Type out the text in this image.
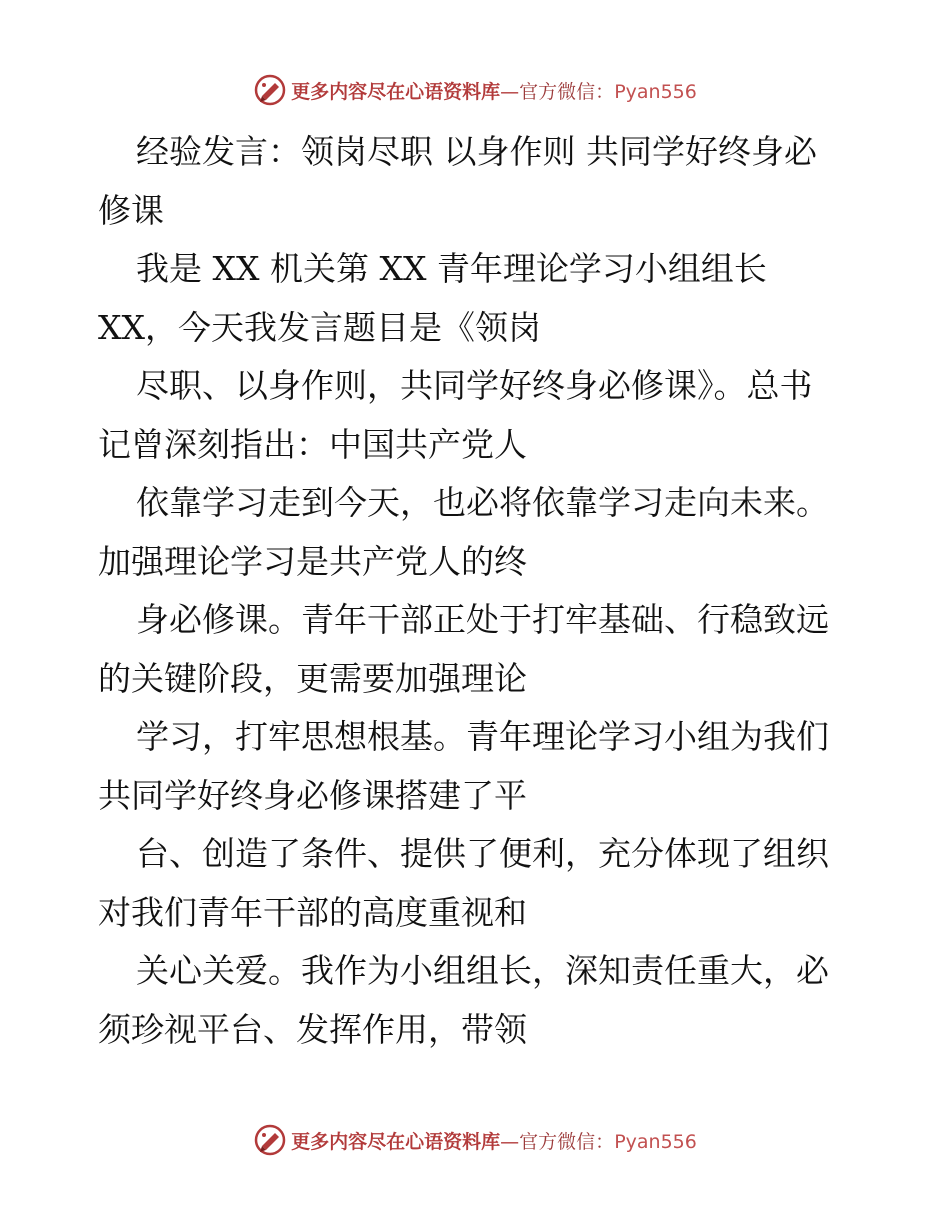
更多内容尽在心语资料库—官方微信：Pyan556
经验发言：领岗尽职 以身作则 共同学好终身必
修课
我是 XX 机关第 XX 青年理论学习小组组长
XX，今天我发言题目是《领岗
尽职、以身作则，共同学好终身必修课》。总书
记曾深刻指出：中国共产党人
依靠学习走到今天，也必将依靠学习走向未来。
加强理论学习是共产党人的终
身必修课。青年干部正处于打牢基础、行稳致远
的关键阶段，更需要加强理论
学习，打牢思想根基。青年理论学习小组为我们
共同学好终身必修课搭建了平
台、创造了条件、提供了便利，充分体现了组织
对我们青年干部的高度重视和
关心关爱。我作为小组组长，深知责任重大，必
须珍视平台、发挥作用，带领
更多内容尽在心语资料库—官方微信：Pyan556
